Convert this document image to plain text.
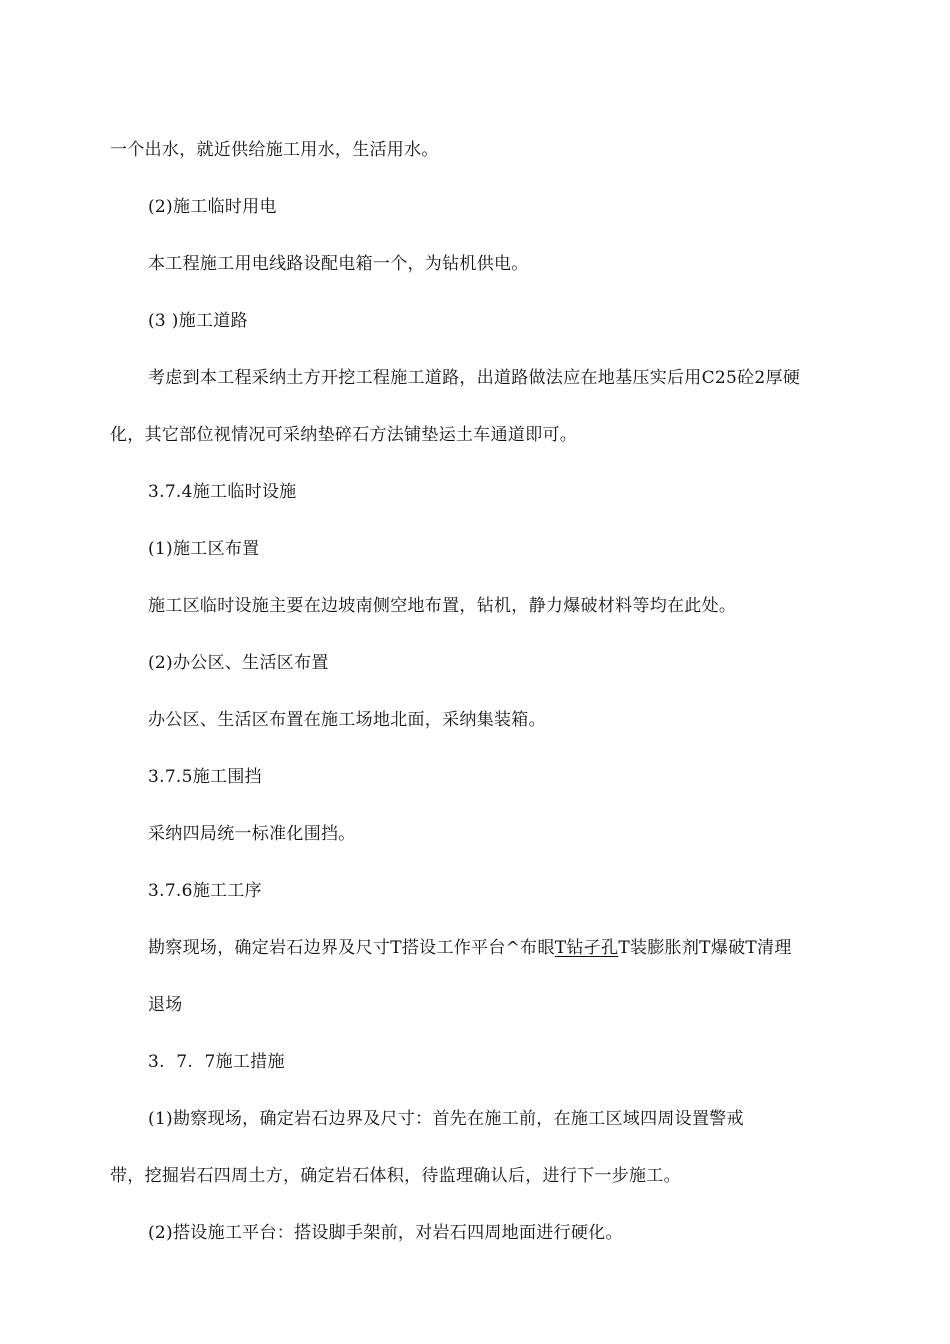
一个出水，就近供给施工用水，生活用水。
(2)施工临时用电
本工程施工用电线路设配电箱一个，为钻机供电。
(3 )施工道路
考虑到本工程采纳土方开挖工程施工道路，出道路做法应在地基压实后用C25砼2厚硬
化，其它部位视情况可采纳垫碎石方法铺垫运土车通道即可。
3.7.4施工临时设施
(1)施工区布置
施工区临时设施主要在边坡南侧空地布置，钻机，静力爆破材料等均在此处。
(2)办公区、生活区布置
办公区、生活区布置在施工场地北面，采纳集装箱。
3.7.5施工围挡
采纳四局统一标准化围挡。
3.7.6施工工序
勘察现场，确定岩石边界及尺寸T搭设工作平台^布眼T钻孑孔T装膨胀剂T爆破T清理
退场
3.  7.  7施工措施
(1)勘察现场，确定岩石边界及尺寸：首先在施工前，在施工区域四周设置警戒
带，挖掘岩石四周土方，确定岩石体积，待监理确认后，进行下一步施工。
(2)搭设施工平台：搭设脚手架前，对岩石四周地面进行硬化。
